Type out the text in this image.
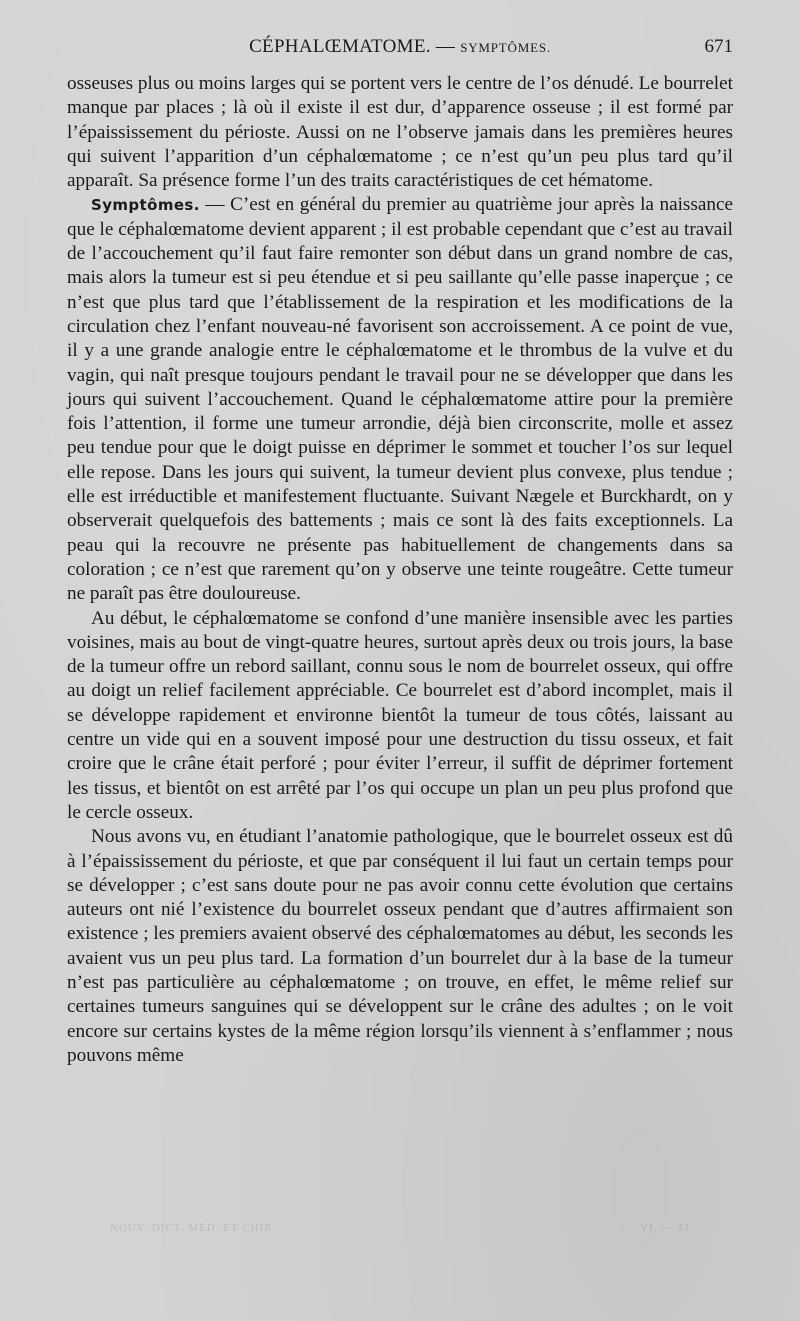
CÉPHALŒMATOME. — SYMPTÔMES.	671

osseuses plus ou moins larges qui se portent vers le centre de l’os dénudé. Le bourrelet manque par places ; là où il existe il est dur, d’apparence osseuse ; il est formé par l’épaississement du périoste. Aussi on ne l’observe jamais dans les premières heures qui suivent l’apparition d’un céphalœmatome ; ce n’est qu’un peu plus tard qu’il apparaît. Sa présence forme l’un des traits caractéristiques de cet hématome.

Symptômes. — C’est en général du premier au quatrième jour après la naissance que le céphalœmatome devient apparent ; il est probable cependant que c’est au travail de l’accouchement qu’il faut faire remonter son début dans un grand nombre de cas, mais alors la tumeur est si peu étendue et si peu saillante qu’elle passe inaperçue ; ce n’est que plus tard que l’établissement de la respiration et les modifications de la circulation chez l’enfant nouveau-né favorisent son accroissement. A ce point de vue, il y a une grande analogie entre le céphalœmatome et le thrombus de la vulve et du vagin, qui naît presque toujours pendant le travail pour ne se développer que dans les jours qui suivent l’accouchement. Quand le céphalœmatome attire pour la première fois l’attention, il forme une tumeur arrondie, déjà bien circonscrite, molle et assez peu tendue pour que le doigt puisse en déprimer le sommet et toucher l’os sur lequel elle repose. Dans les jours qui suivent, la tumeur devient plus convexe, plus tendue ; elle est irréductible et manifestement fluctuante. Suivant Nægele et Burckhardt, on y observerait quelquefois des battements ; mais ce sont là des faits exceptionnels. La peau qui la recouvre ne présente pas habituellement de changements dans sa coloration ; ce n’est que rarement qu’on y observe une teinte rougeâtre. Cette tumeur ne paraît pas être douloureuse.

Au début, le céphalœmatome se confond d’une manière insensible avec les parties voisines, mais au bout de vingt-quatre heures, surtout après deux ou trois jours, la base de la tumeur offre un rebord saillant, connu sous le nom de bourrelet osseux, qui offre au doigt un relief facilement appréciable. Ce bourrelet est d’abord incomplet, mais il se développe rapidement et environne bientôt la tumeur de tous côtés, laissant au centre un vide qui en a souvent imposé pour une destruction du tissu osseux, et fait croire que le crâne était perforé ; pour éviter l’erreur, il suffit de déprimer fortement les tissus, et bientôt on est arrêté par l’os qui occupe un plan un peu plus profond que le cercle osseux.

Nous avons vu, en étudiant l’anatomie pathologique, que le bourrelet osseux est dû à l’épaississement du périoste, et que par conséquent il lui faut un certain temps pour se développer ; c’est sans doute pour ne pas avoir connu cette évolution que certains auteurs ont nié l’existence du bourrelet osseux pendant que d’autres affirmaient son existence ; les premiers avaient observé des céphalœmatomes au début, les seconds les avaient vus un peu plus tard. La formation d’un bourrelet dur à la base de la tumeur n’est pas particulière au céphalœmatome ; on trouve, en effet, le même relief sur certaines tumeurs sanguines qui se développent sur le crâne des adultes ; on le voit encore sur certains kystes de la même région lorsqu’ils viennent à s’enflammer ; nous pouvons même

NOUV. DICT. MÉD. ET CHIR.	VI. — 43
